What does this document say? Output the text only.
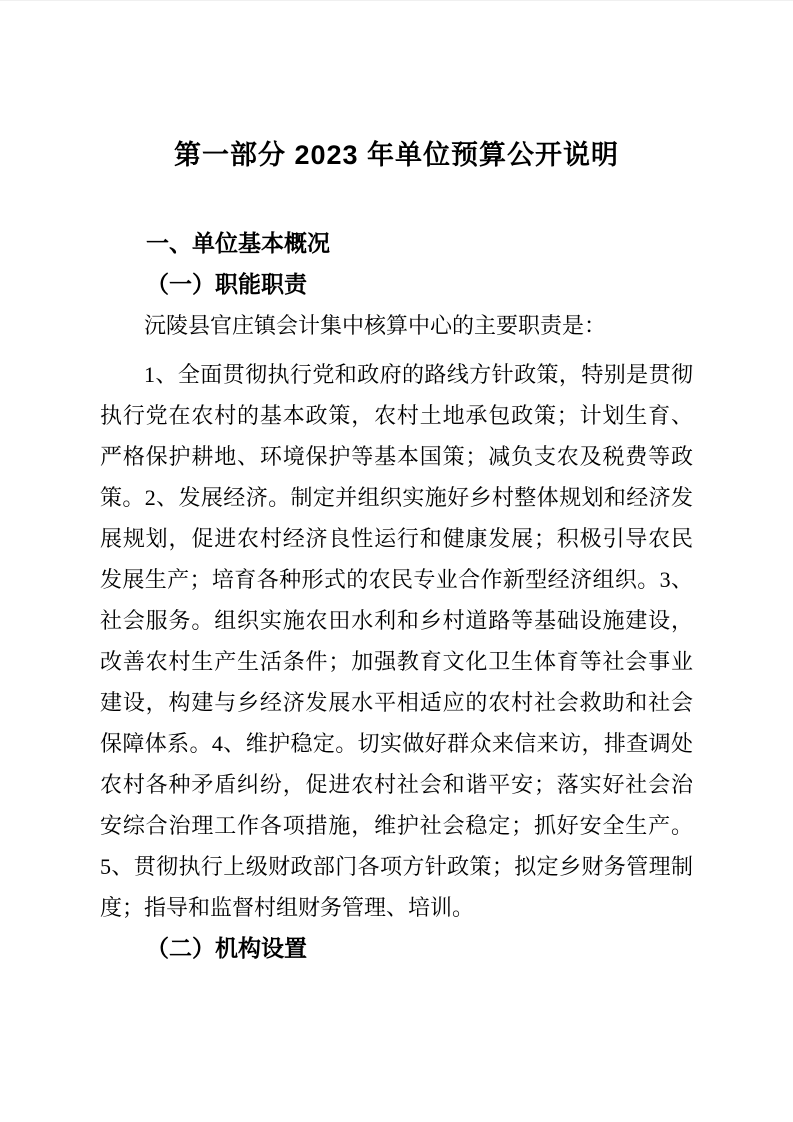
第一部分 2023 年单位预算公开说明
一、单位基本概况
（一）职能职责

沅陵县官庄镇会计集中核算中心的主要职责是：

1、全面贯彻执行党和政府的路线方针政策，特别是贯彻执行党在农村的基本政策，农村土地承包政策；计划生育、严格保护耕地、环境保护等基本国策；减负支农及税费等政策。2、发展经济。制定并组织实施好乡村整体规划和经济发展规划，促进农村经济良性运行和健康发展；积极引导农民发展生产；培育各种形式的农民专业合作新型经济组织。3、社会服务。组织实施农田水利和乡村道路等基础设施建设，改善农村生产生活条件；加强教育文化卫生体育等社会事业建设，构建与乡经济发展水平相适应的农村社会救助和社会保障体系。4、维护稳定。切实做好群众来信来访，排查调处农村各种矛盾纠纷，促进农村社会和谐平安；落实好社会治安综合治理工作各项措施，维护社会稳定；抓好安全生产。5、贯彻执行上级财政部门各项方针政策；拟定乡财务管理制度；指导和监督村组财务管理、培训。

（二）机构设置
